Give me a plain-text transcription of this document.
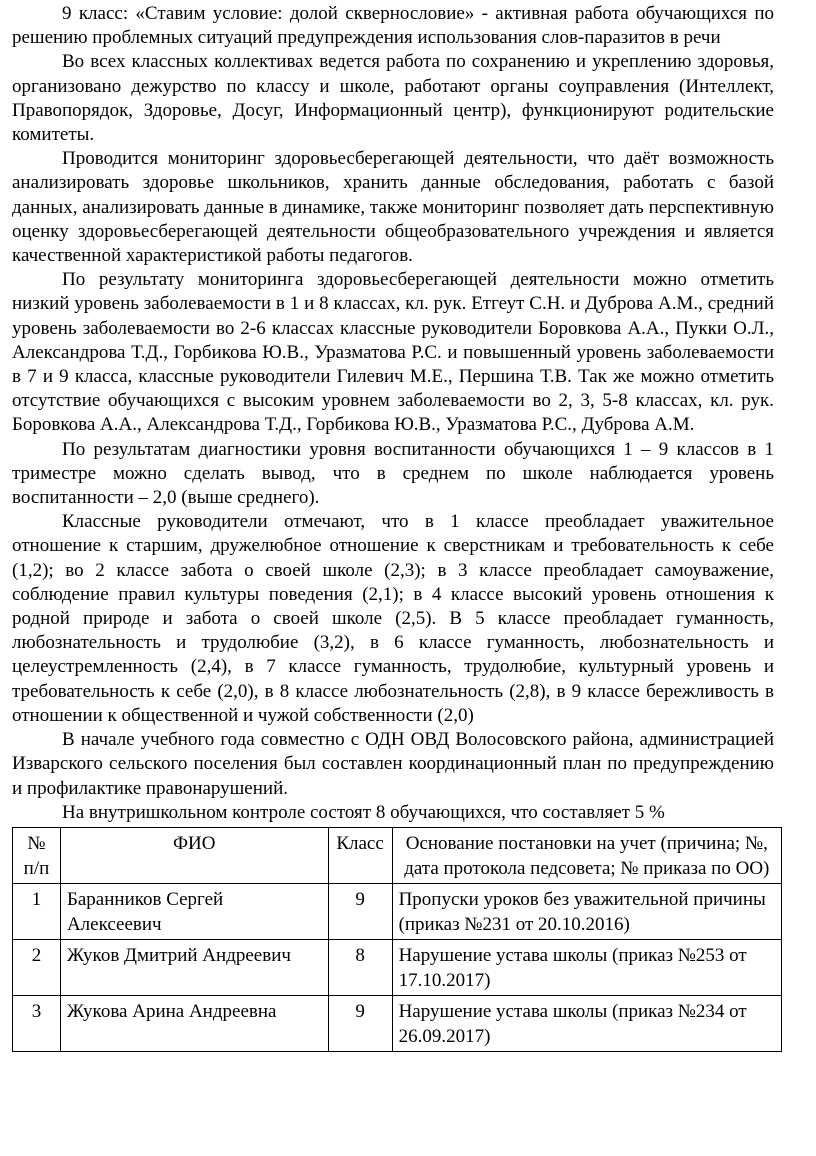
9 класс: «Ставим условие: долой сквернословие» - активная работа обучающихся по решению проблемных ситуаций предупреждения использования слов-паразитов в речи

Во всех классных коллективах ведется работа по сохранению и укреплению здоровья, организовано дежурство по классу и школе, работают органы соуправления (Интеллект, Правопорядок, Здоровье, Досуг, Информационный центр), функционируют родительские комитеты.

Проводится мониторинг здоровьесберегающей деятельности, что даёт возможность анализировать здоровье школьников, хранить данные обследования, работать с базой данных, анализировать данные в динамике, также мониторинг позволяет дать перспективную оценку здоровьесберегающей деятельности общеобразовательного учреждения и является качественной характеристикой работы педагогов.

По результату мониторинга здоровьесберегающей деятельности можно отметить низкий уровень заболеваемости в 1 и 8 классах, кл. рук. Етгеут С.Н. и Дуброва А.М., средний уровень заболеваемости во 2-6 классах классные руководители Боровкова А.А., Пукки О.Л., Александрова Т.Д., Горбикова Ю.В., Уразматова Р.С. и повышенный уровень заболеваемости в 7 и 9 класса, классные руководители Гилевич М.Е., Першина Т.В. Так же можно отметить отсутствие обучающихся с высоким уровнем заболеваемости во 2, 3, 5-8 классах, кл. рук. Боровкова А.А., Александрова Т.Д., Горбикова Ю.В., Уразматова Р.С., Дуброва А.М.

По результатам диагностики уровня воспитанности обучающихся 1 – 9 классов в 1 триместре можно сделать вывод, что в среднем по школе наблюдается уровень воспитанности – 2,0 (выше среднего).

Классные руководители отмечают, что в 1 классе преобладает уважительное отношение к старшим, дружелюбное отношение к сверстникам и требовательность к себе (1,2); во 2 классе забота о своей школе (2,3); в 3 классе преобладает самоуважение, соблюдение правил культуры поведения (2,1); в 4 классе высокий уровень отношения к родной природе и забота о своей школе (2,5). В 5 классе преобладает гуманность, любознательность и трудолюбие (3,2), в 6 классе гуманность, любознательность и целеустремленность (2,4), в 7 классе гуманность, трудолюбие, культурный уровень и требовательность к себе (2,0), в 8 классе любознательность (2,8), в 9 классе бережливость в отношении к общественной и чужой собственности (2,0)

В начале учебного года совместно с ОДН ОВД Волосовского района, администрацией Изварского сельского поселения был составлен координационный план по предупреждению и профилактике правонарушений.

На внутришкольном контроле состоят 8 обучающихся, что составляет 5 %

№ п/п	ФИО	Класс	Основание постановки на учет (причина; №, дата протокола педсовета; № приказа по ОО)
1	Баранников Сергей Алексеевич	9	Пропуски уроков без уважительной причины (приказ №231 от 20.10.2016)
2	Жуков Дмитрий Андреевич	8	Нарушение устава школы (приказ №253 от 17.10.2017)
3	Жукова Арина Андреевна	9	Нарушение устава школы (приказ №234 от 26.09.2017)
